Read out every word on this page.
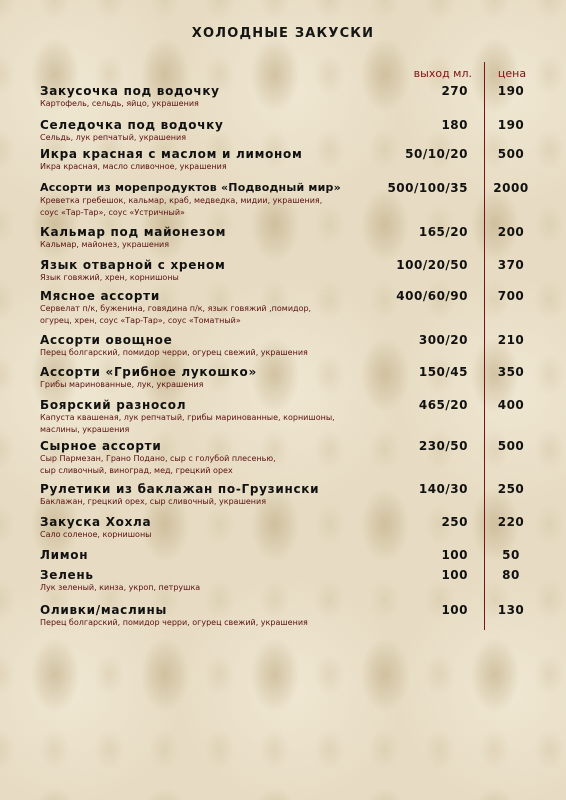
ХОЛОДНЫЕ ЗАКУСКИ
выход мл.	цена
Закусочка под водочку
Картофель, сельдь, яйцо, украшения
270	190
Селедочка под водочку
Сельдь, лук репчатый, украшения
180	190
Икра красная с маслом и лимоном
Икра красная, масло сливочное, украшения
50/10/20	500
Ассорти из морепродуктов «Подводный мир»
Креветка гребешок, кальмар, краб, медведка, мидии, украшения,
соус «Тар-Тар», соус «Устричный»
500/100/35	2000
Кальмар под майонезом
Кальмар, майонез, украшения
165/20	200
Язык отварной с хреном
Язык говяжий, хрен, корнишоны
100/20/50	370
Мясное ассорти
Сервелат п/к, буженина, говядина п/к, язык говяжий ,помидор,
огурец, хрен, соус «Тар-Тар», соус «Томатный»
400/60/90	700
Ассорти овощное
Перец болгарский, помидор черри, огурец свежий, украшения
300/20	210
Ассорти «Грибное лукошко»
Грибы маринованные, лук, украшения
150/45	350
Боярский разносол
Капуста квашеная, лук репчатый, грибы маринованные, корнишоны,
маслины, украшения
465/20	400
Сырное ассорти
Сыр Пармезан, Грано Подано, сыр с голубой плесенью,
сыр сливочный, виноград, мед, грецкий орех
230/50	500
Рулетики из баклажан по-Грузински
Баклажан, грецкий орех, сыр сливочный, украшения
140/30	250
Закуска Хохла
Сало соленое, корнишоны
250	220
Лимон	100	50
Зелень
Лук зеленый, кинза, укроп, петрушка
100	80
Оливки/маслины
Перец болгарский, помидор черри, огурец свежий, украшения
100	130
